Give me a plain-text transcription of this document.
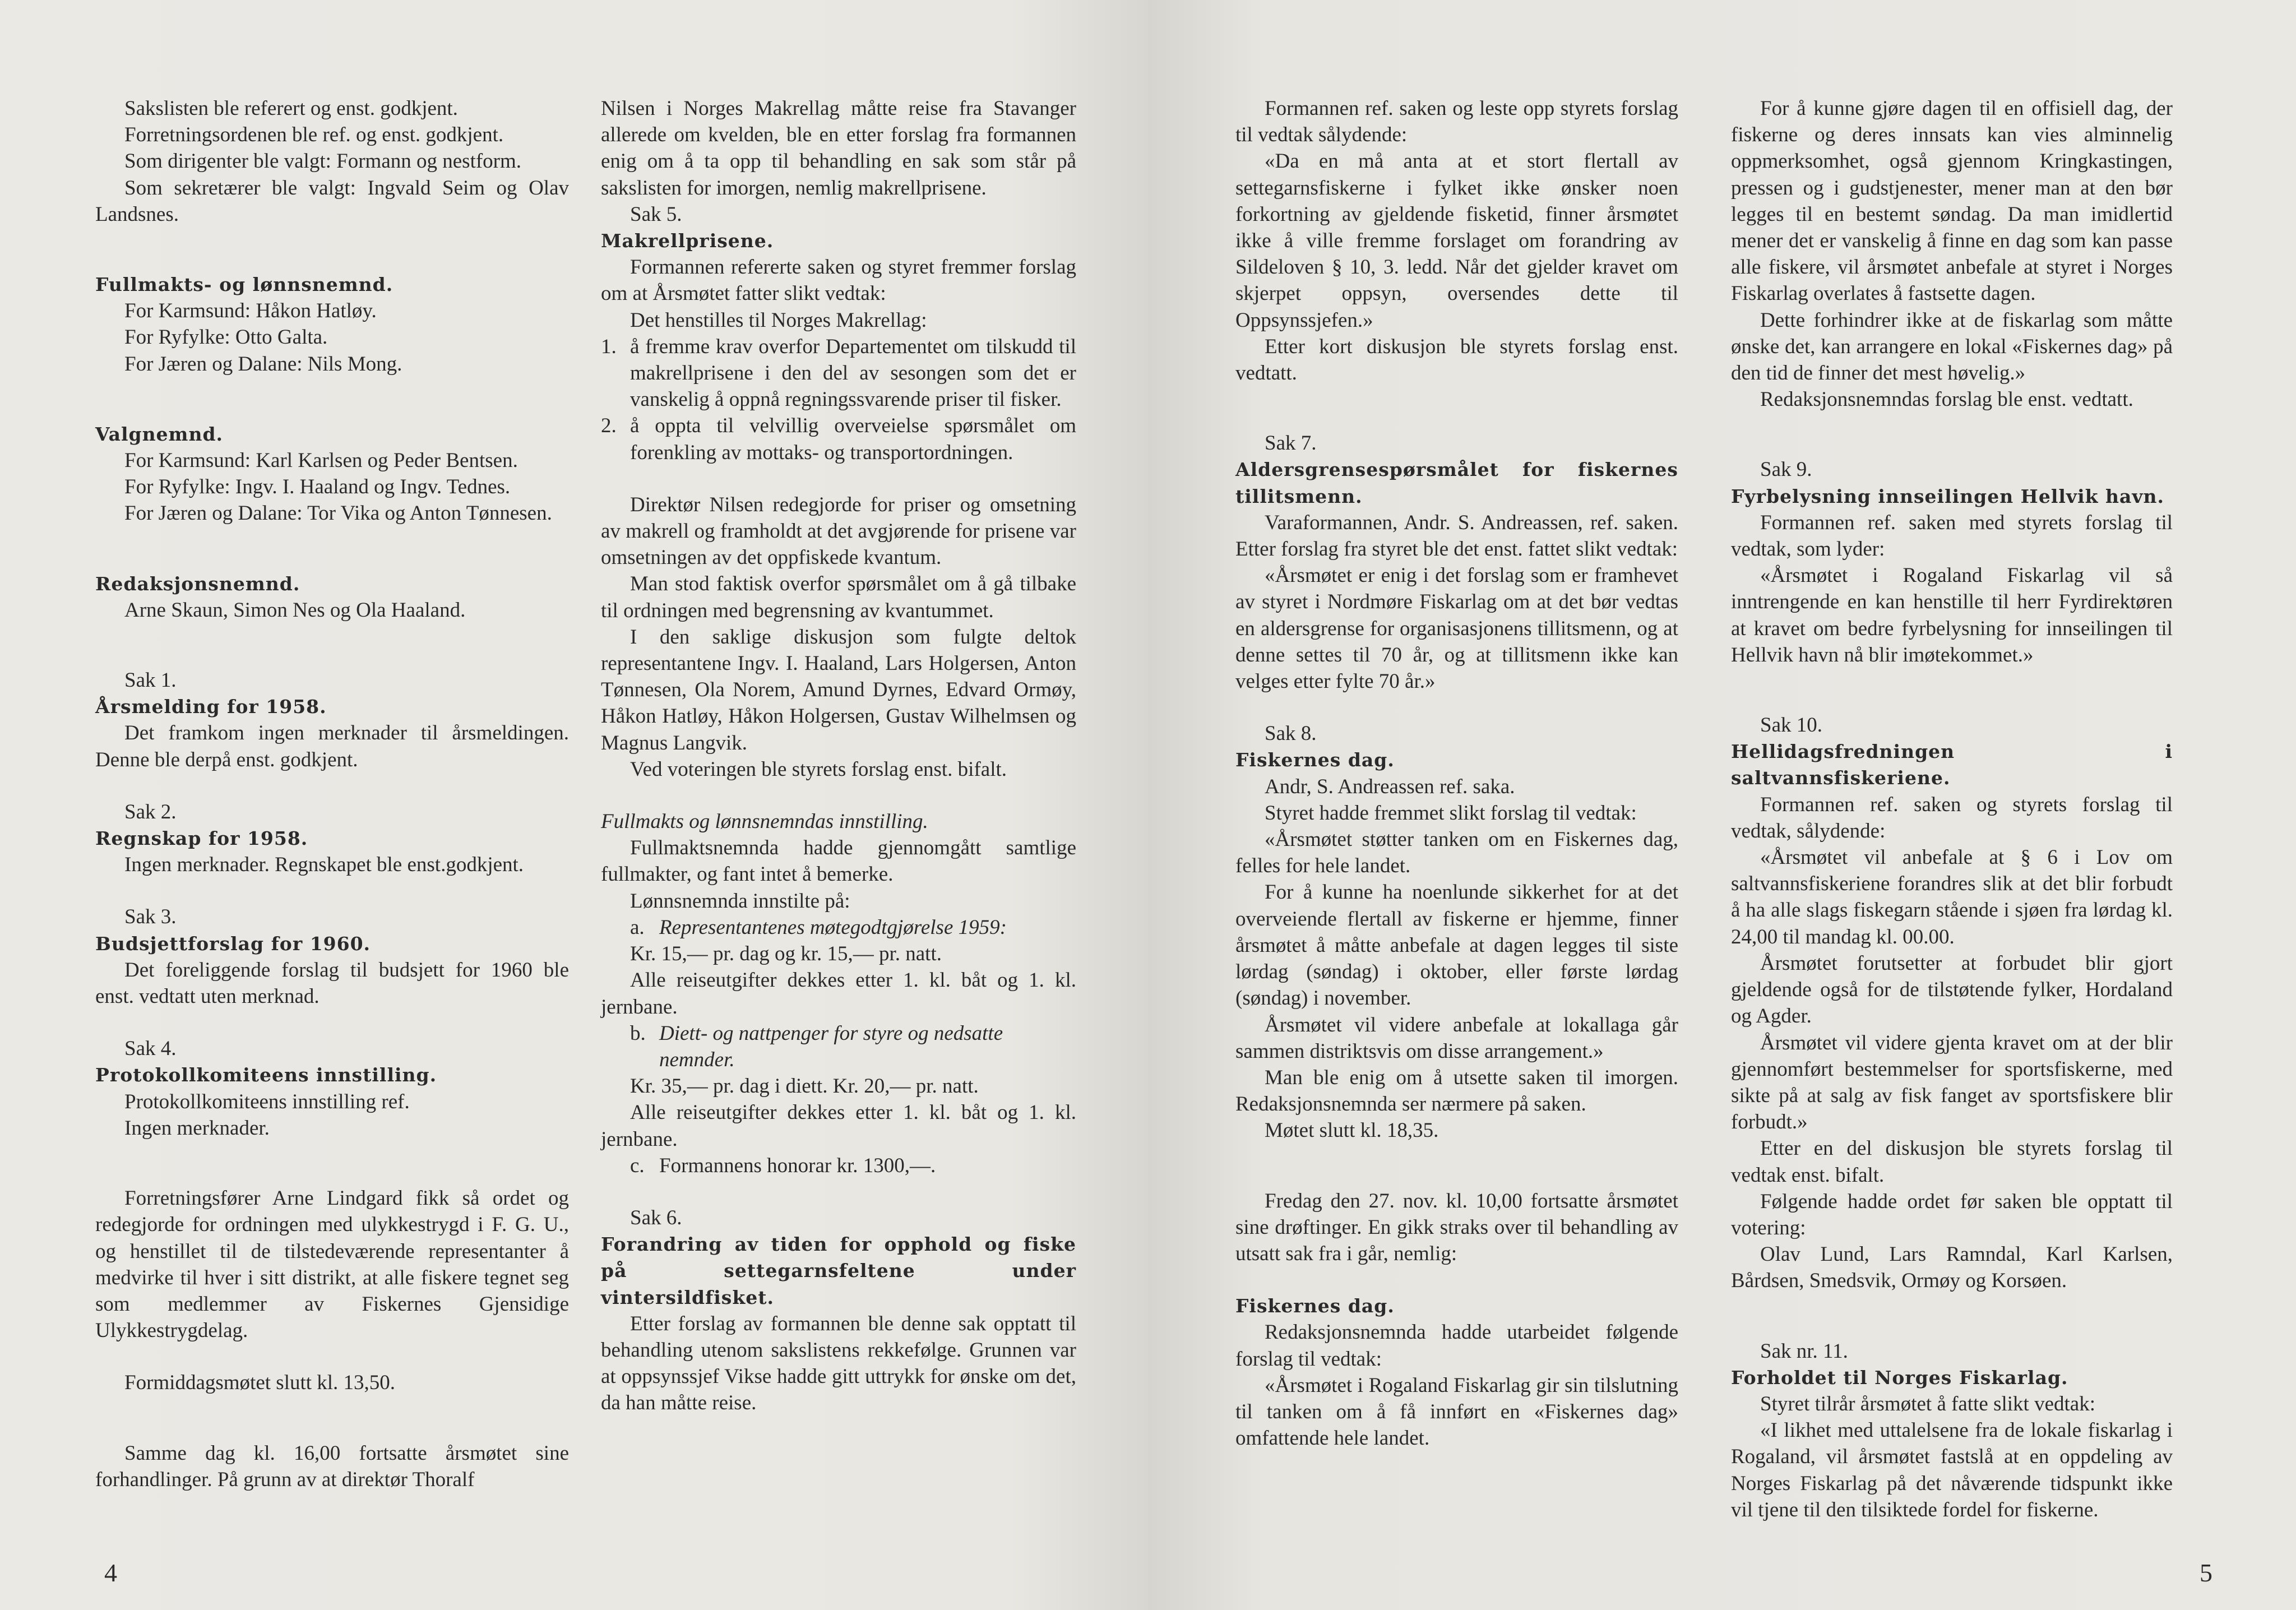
Sakslisten ble referert og enst. godkjent.

Forretningsordenen ble ref. og enst. godkjent.

Som dirigenter ble valgt: Formann og nestform.

Som sekretærer ble valgt: Ingvald Seim og Olav Landsnes.

Fullmakts- og lønnsnemnd.

For Karmsund: Håkon Hatløy.

For Ryfylke: Otto Galta.

For Jæren og Dalane: Nils Mong.

Valgnemnd.

For Karmsund: Karl Karlsen og Peder Bentsen.

For Ryfylke: Ingv. I. Haaland og Ingv. Tednes.

For Jæren og Dalane: Tor Vika og Anton Tønnesen.

Redaksjonsnemnd.

Arne Skaun, Simon Nes og Ola Haaland.

Sak 1.

Årsmelding for 1958.

Det framkom ingen merknader til årsmeldingen. Denne ble derpå enst. godkjent.

Sak 2.

Regnskap for 1958.

Ingen merknader. Regnskapet ble enst.godkjent.

Sak 3.

Budsjettforslag for 1960.

Det foreliggende forslag til budsjett for 1960 ble enst. vedtatt uten merknad.

Sak 4.

Protokollkomiteens innstilling.

Protokollkomiteens innstilling ref.

Ingen merknader.

Forretningsfører Arne Lindgard fikk så ordet og redegjorde for ordningen med ulykkestrygd i F. G. U., og henstillet til de tilstedeværende representanter å medvirke til hver i sitt distrikt, at alle fiskere tegnet seg som medlemmer av Fiskernes Gjensidige Ulykkestrygdelag.

Formiddagsmøtet slutt kl. 13,50.

Samme dag kl. 16,00 fortsatte årsmøtet sine forhandlinger. På grunn av at direktør Thoralf

Nilsen i Norges Makrellag måtte reise fra Stavanger allerede om kvelden, ble en etter forslag fra formannen enig om å ta opp til behandling en sak som står på sakslisten for imorgen, nemlig makrellprisene.

Sak 5.

Makrellprisene.

Formannen refererte saken og styret fremmer forslag om at Årsmøtet fatter slikt vedtak:

Det henstilles til Norges Makrellag:

1. å fremme krav overfor Departementet om tilskudd til makrellprisene i den del av sesongen som det er vanskelig å oppnå regningssvarende priser til fisker.
2. å oppta til velvillig overveielse spørsmålet om forenkling av mottaks- og transportordningen.

Direktør Nilsen redegjorde for priser og omsetning av makrell og framholdt at det avgjørende for prisene var omsetningen av det oppfiskede kvantum.

Man stod faktisk overfor spørsmålet om å gå tilbake til ordningen med begrensning av kvantummet.

I den saklige diskusjon som fulgte deltok representantene Ingv. I. Haaland, Lars Holgersen, Anton Tønnesen, Ola Norem, Amund Dyrnes, Edvard Ormøy, Håkon Hatløy, Håkon Holgersen, Gustav Wilhelmsen og Magnus Langvik.

Ved voteringen ble styrets forslag enst. bifalt.

Fullmakts og lønnsnemndas innstilling.

Fullmaktsnemnda hadde gjennomgått samtlige fullmakter, og fant intet å bemerke.

Lønnsnemnda innstilte på:

a. Representantenes møtegodtgjørelse 1959:

Kr. 15,— pr. dag og kr. 15,— pr. natt.

Alle reiseutgifter dekkes etter 1. kl. båt og 1. kl. jernbane.

b. Diett- og nattpenger for styre og nedsatte nemnder.

Kr. 35,— pr. dag i diett. Kr. 20,— pr. natt.

Alle reiseutgifter dekkes etter 1. kl. båt og 1. kl. jernbane.

c. Formannens honorar kr. 1300,—.

Sak 6.

Forandring av tiden for opphold og fiske på settegarnsfeltene under vintersildfisket.

Etter forslag av formannen ble denne sak opptatt til behandling utenom sakslistens rekkefølge. Grunnen var at oppsynssjef Vikse hadde gitt uttrykk for ønske om det, da han måtte reise.

4

Formannen ref. saken og leste opp styrets forslag til vedtak sålydende:

«Da en må anta at et stort flertall av settegarnsfiskerne i fylket ikke ønsker noen forkortning av gjeldende fisketid, finner årsmøtet ikke å ville fremme forslaget om forandring av Sildeloven § 10, 3. ledd. Når det gjelder kravet om skjerpet oppsyn, oversendes dette til Oppsynssjefen.»

Etter kort diskusjon ble styrets forslag enst. vedtatt.

Sak 7.

Aldersgrensespørsmålet for fiskernes tillitsmenn.

Varaformannen, Andr. S. Andreassen, ref. saken. Etter forslag fra styret ble det enst. fattet slikt vedtak:

«Årsmøtet er enig i det forslag som er framhevet av styret i Nordmøre Fiskarlag om at det bør vedtas en aldersgrense for organisasjonens tillitsmenn, og at denne settes til 70 år, og at tillitsmenn ikke kan velges etter fylte 70 år.»

Sak 8.

Fiskernes dag.

Andr, S. Andreassen ref. saka.

Styret hadde fremmet slikt forslag til vedtak:

«Årsmøtet støtter tanken om en Fiskernes dag, felles for hele landet.

For å kunne ha noenlunde sikkerhet for at det overveiende flertall av fiskerne er hjemme, finner årsmøtet å måtte anbefale at dagen legges til siste lørdag (søndag) i oktober, eller første lørdag (søndag) i november.

Årsmøtet vil videre anbefale at lokallaga går sammen distriktsvis om disse arrangement.»

Man ble enig om å utsette saken til imorgen. Redaksjonsnemnda ser nærmere på saken.

Møtet slutt kl. 18,35.

Fredag den 27. nov. kl. 10,00 fortsatte årsmøtet sine drøftinger. En gikk straks over til behandling av utsatt sak fra i går, nemlig:

Fiskernes dag.

Redaksjonsnemnda hadde utarbeidet følgende forslag til vedtak:

«Årsmøtet i Rogaland Fiskarlag gir sin tilslutning til tanken om å få innført en «Fiskernes dag» omfattende hele landet.

For å kunne gjøre dagen til en offisiell dag, der fiskerne og deres innsats kan vies alminnelig oppmerksomhet, også gjennom Kringkastingen, pressen og i gudstjenester, mener man at den bør legges til en bestemt søndag. Da man imidlertid mener det er vanskelig å finne en dag som kan passe alle fiskere, vil årsmøtet anbefale at styret i Norges Fiskarlag overlates å fastsette dagen.

Dette forhindrer ikke at de fiskarlag som måtte ønske det, kan arrangere en lokal «Fiskernes dag» på den tid de finner det mest høvelig.»

Redaksjonsnemndas forslag ble enst. vedtatt.

Sak 9.

Fyrbelysning innseilingen Hellvik havn.

Formannen ref. saken med styrets forslag til vedtak, som lyder:

«Årsmøtet i Rogaland Fiskarlag vil så inntrengende en kan henstille til herr Fyrdirektøren at kravet om bedre fyrbelysning for innseilingen til Hellvik havn nå blir imøtekommet.»

Sak 10.

Hellidagsfredningen i saltvannsfiskeriene.

Formannen ref. saken og styrets forslag til vedtak, sålydende:

«Årsmøtet vil anbefale at § 6 i Lov om saltvannsfiskeriene forandres slik at det blir forbudt å ha alle slags fiskegarn stående i sjøen fra lørdag kl. 24,00 til mandag kl. 00.00.

Årsmøtet forutsetter at forbudet blir gjort gjeldende også for de tilstøtende fylker, Hordaland og Agder.

Årsmøtet vil videre gjenta kravet om at der blir gjennomført bestemmelser for sportsfiskerne, med sikte på at salg av fisk fanget av sportsfiskere blir forbudt.»

Etter en del diskusjon ble styrets forslag til vedtak enst. bifalt.

Følgende hadde ordet før saken ble opptatt til votering:

Olav Lund, Lars Ramndal, Karl Karlsen, Bårdsen, Smedsvik, Ormøy og Korsøen.

Sak nr. 11.

Forholdet til Norges Fiskarlag.

Styret tilrår årsmøtet å fatte slikt vedtak:

«I likhet med uttalelsene fra de lokale fiskarlag i Rogaland, vil årsmøtet fastslå at en oppdeling av Norges Fiskarlag på det nåværende tidspunkt ikke vil tjene til den tilsiktede fordel for fiskerne.

5
